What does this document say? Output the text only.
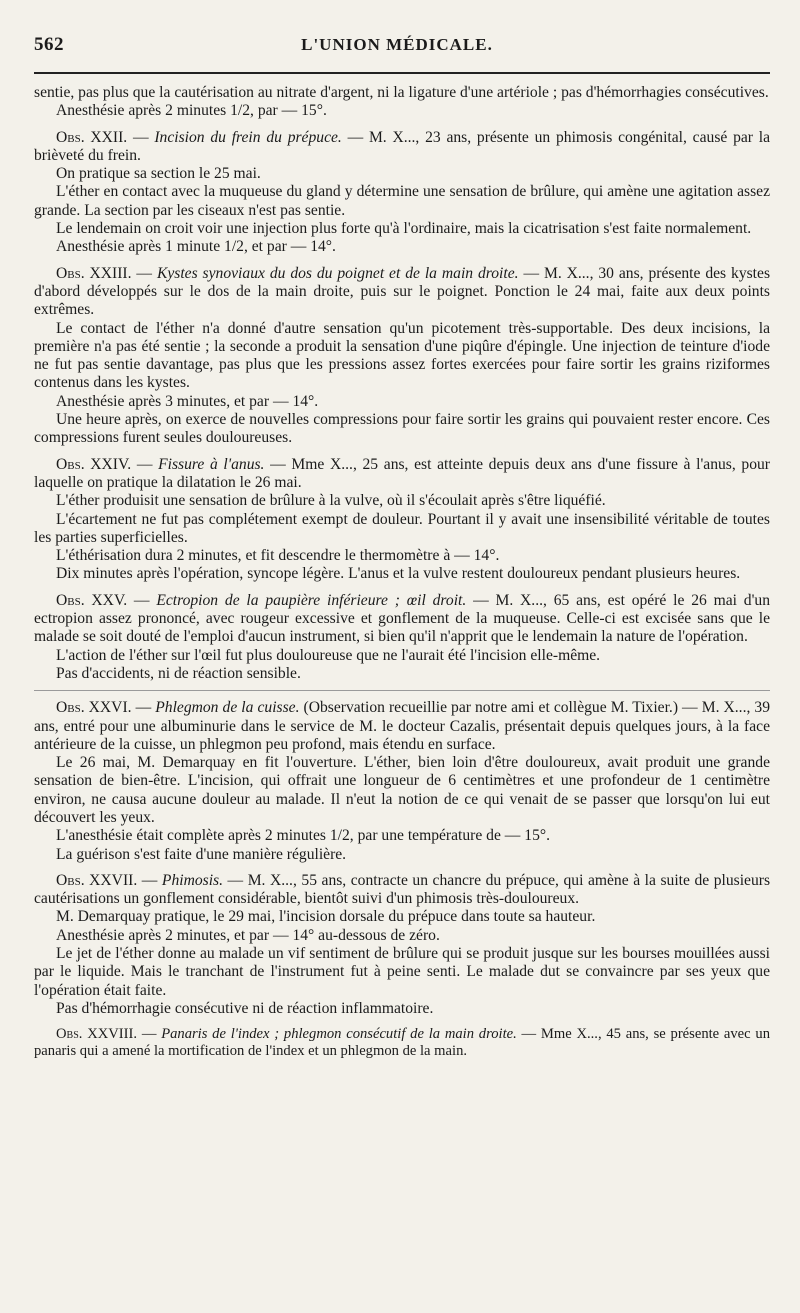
562	L'UNION MÉDICALE.

sentie, pas plus que la cautérisation au nitrate d'argent, ni la ligature d'une artériole ; pas d'hémorrhagies consécutives.

Anesthésie après 2 minutes 1/2, par — 15°.

Obs. XXII. — Incision du frein du prépuce. — M. X..., 23 ans, présente un phimosis congénital, causé par la brièveté du frein.

On pratique sa section le 25 mai.

L'éther en contact avec la muqueuse du gland y détermine une sensation de brûlure, qui amène une agitation assez grande. La section par les ciseaux n'est pas sentie.

Le lendemain on croit voir une injection plus forte qu'à l'ordinaire, mais la cicatrisation s'est faite normalement.

Anesthésie après 1 minute 1/2, et par — 14°.

Obs. XXIII. — Kystes synoviaux du dos du poignet et de la main droite. — M. X..., 30 ans, présente des kystes d'abord développés sur le dos de la main droite, puis sur le poignet. Ponction le 24 mai, faite aux deux points extrêmes.

Le contact de l'éther n'a donné d'autre sensation qu'un picotement très-supportable. Des deux incisions, la première n'a pas été sentie ; la seconde a produit la sensation d'une piqûre d'épingle. Une injection de teinture d'iode ne fut pas sentie davantage, pas plus que les pressions assez fortes exercées pour faire sortir les grains riziformes contenus dans les kystes.

Anesthésie après 3 minutes, et par — 14°.

Une heure après, on exerce de nouvelles compressions pour faire sortir les grains qui pouvaient rester encore. Ces compressions furent seules douloureuses.

Obs. XXIV. — Fissure à l'anus. — Mme X..., 25 ans, est atteinte depuis deux ans d'une fissure à l'anus, pour laquelle on pratique la dilatation le 26 mai.

L'éther produisit une sensation de brûlure à la vulve, où il s'écoulait après s'être liquéfié.

L'écartement ne fut pas complétement exempt de douleur. Pourtant il y avait une insensibilité véritable de toutes les parties superficielles.

L'éthérisation dura 2 minutes, et fit descendre le thermomètre à — 14°.

Dix minutes après l'opération, syncope légère. L'anus et la vulve restent douloureux pendant plusieurs heures.

Obs. XXV. — Ectropion de la paupière inférieure ; œil droit. — M. X..., 65 ans, est opéré le 26 mai d'un ectropion assez prononcé, avec rougeur excessive et gonflement de la muqueuse. Celle-ci est excisée sans que le malade se soit douté de l'emploi d'aucun instrument, si bien qu'il n'apprit que le lendemain la nature de l'opération.

L'action de l'éther sur l'œil fut plus douloureuse que ne l'aurait été l'incision elle-même.

Pas d'accidents, ni de réaction sensible.

Obs. XXVI. — Phlegmon de la cuisse. (Observation recueillie par notre ami et collègue M. Tixier.) — M. X..., 39 ans, entré pour une albuminurie dans le service de M. le docteur Cazalis, présentait depuis quelques jours, à la face antérieure de la cuisse, un phlegmon peu profond, mais étendu en surface.

Le 26 mai, M. Demarquay en fit l'ouverture. L'éther, bien loin d'être douloureux, avait produit une grande sensation de bien-être. L'incision, qui offrait une longueur de 6 centimètres et une profondeur de 1 centimètre environ, ne causa aucune douleur au malade. Il n'eut la notion de ce qui venait de se passer que lorsqu'on lui eut découvert les yeux.

L'anesthésie était complète après 2 minutes 1/2, par une température de — 15°.

La guérison s'est faite d'une manière régulière.

Obs. XXVII. — Phimosis. — M. X..., 55 ans, contracte un chancre du prépuce, qui amène à la suite de plusieurs cautérisations un gonflement considérable, bientôt suivi d'un phimosis très-douloureux.

M. Demarquay pratique, le 29 mai, l'incision dorsale du prépuce dans toute sa hauteur.

Anesthésie après 2 minutes, et par — 14° au-dessous de zéro.

Le jet de l'éther donne au malade un vif sentiment de brûlure qui se produit jusque sur les bourses mouillées aussi par le liquide. Mais le tranchant de l'instrument fut à peine senti. Le malade dut se convaincre par ses yeux que l'opération était faite.

Pas d'hémorrhagie consécutive ni de réaction inflammatoire.

Obs. XXVIII. — Panaris de l'index ; phlegmon consécutif de la main droite. — Mme X..., 45 ans, se présente avec un panaris qui a amené la mortification de l'index et un phlegmon de la main.
